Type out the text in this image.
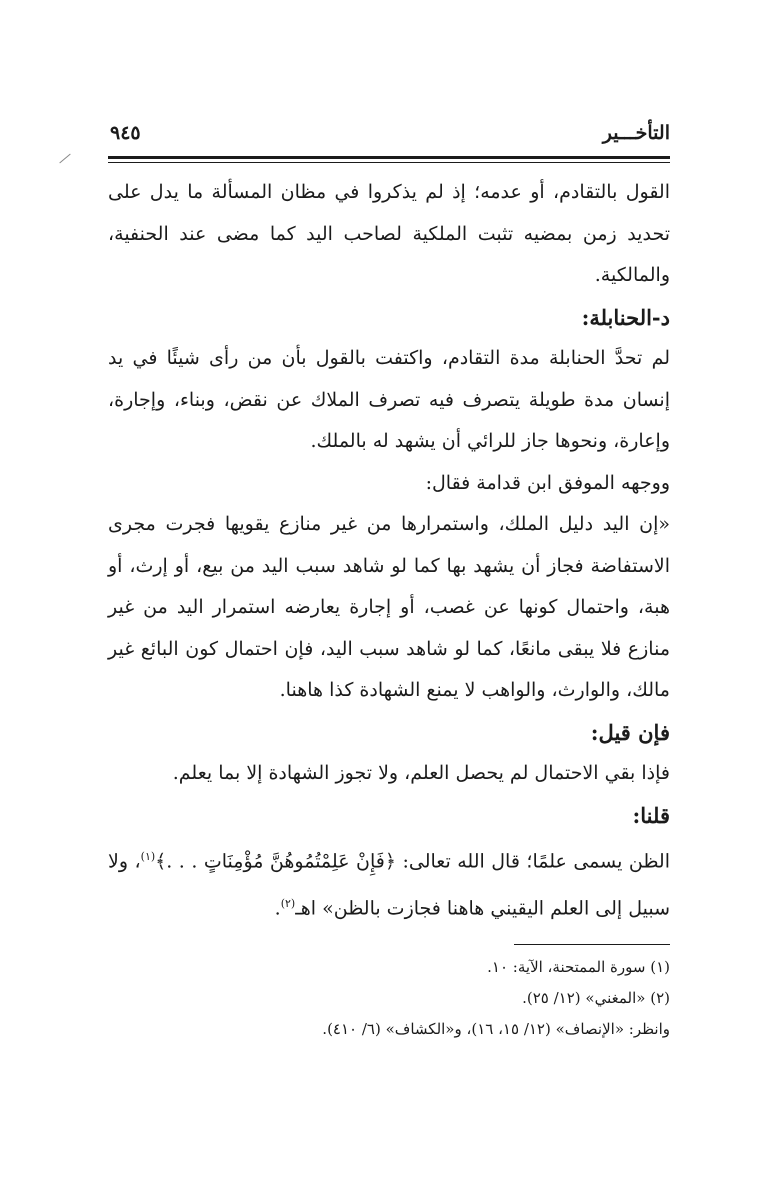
التأخـــير
٩٤٥

القول بالتقادم، أو عدمه؛ إذ لم يذكروا في مظان المسألة ما يدل على تحديد زمن بمضيه تثبت الملكية لصاحب اليد كما مضى عند الحنفية، والمالكية.

د-الحنابلة:

لم تحدَّ الحنابلة مدة التقادم، واكتفت بالقول بأن من رأى شيئًا في يد إنسان مدة طويلة يتصرف فيه تصرف الملاك عن نقض، وبناء، وإجارة، وإعارة، ونحوها جاز للرائي أن يشهد له بالملك.

ووجهه الموفق ابن قدامة فقال:

«إن اليد دليل الملك، واستمرارها من غير منازع يقويها فجرت مجرى الاستفاضة فجاز أن يشهد بها كما لو شاهد سبب اليد من بيع، أو إرث، أو هبة، واحتمال كونها عن غصب، أو إجارة يعارضه استمرار اليد من غير منازع فلا يبقى مانعًا، كما لو شاهد سبب اليد، فإن احتمال كون البائع غير مالك، والوارث، والواهب لا يمنع الشهادة كذا هاهنا.

فإن قيل:

فإذا بقي الاحتمال لم يحصل العلم، ولا تجوز الشهادة إلا بما يعلم.

قلنا:

الظن يسمى علمًا؛ قال الله تعالى: ﴿فَإِنْ عَلِمْتُمُوهُنَّ مُؤْمِنَاتٍ . . .﴾$^{(١)}$، ولا سبيل إلى العلم اليقيني هاهنا فجازت بالظن» اهـ$^{(٢)}$.

(١) سورة الممتحنة، الآية: ١٠.
(٢) «المغني» (١٢/ ٢٥).
وانظر: «الإنصاف» (١٢/ ١٥، ١٦)، و«الكشاف» (٦/ ٤١٠).
